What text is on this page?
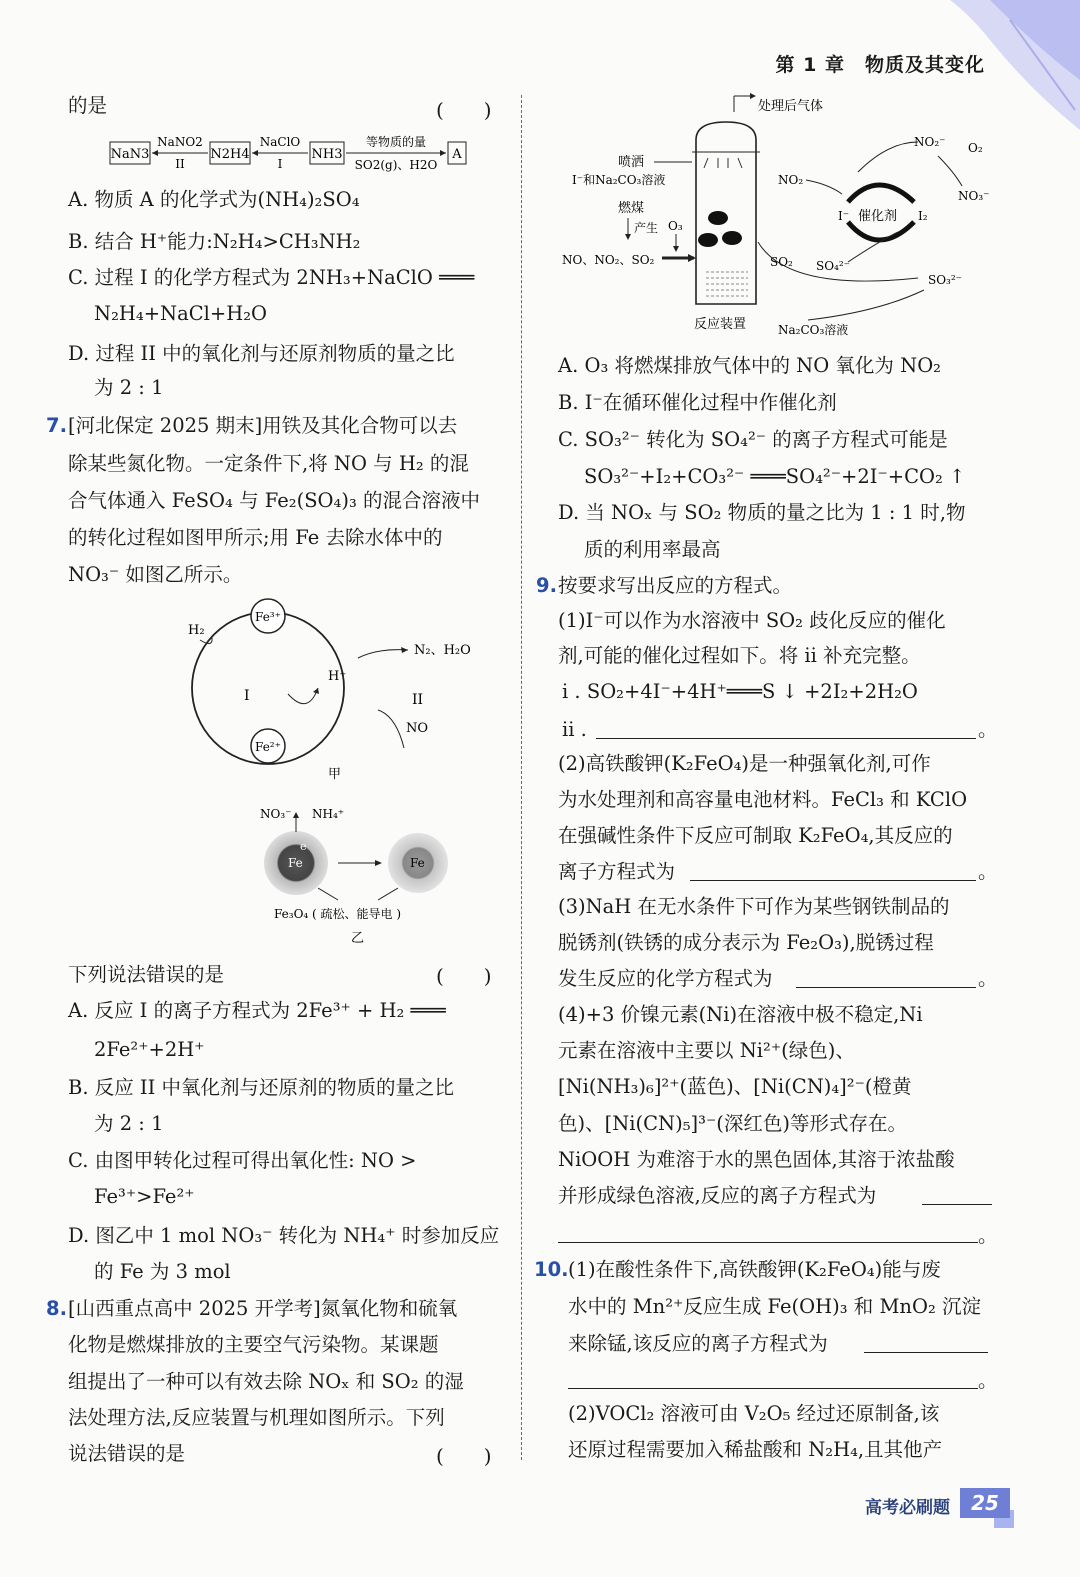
第 1 章　物质及其变化
的是	(　　)
NaN3
NaNO2
II
N2H4
NaClO
I
NH3
等物质的量
SO2(g)、H2O
A
A. 物质 A 的化学式为(NH₄)₂SO₄
B. 结合 H⁺能力:N₂H₄>CH₃NH₂
C. 过程 I 的化学方程式为 2NH₃+NaClO ═══
N₂H₄+NaCl+H₂O
D. 过程 II 中的氧化剂与还原剂物质的量之比
为 2 : 1
7. [河北保定 2025 期末]用铁及其化合物可以去
除某些氮化物。一定条件下,将 NO 与 H₂ 的混
合气体通入 FeSO₄ 与 Fe₂(SO₄)₃ 的混合溶液中
的转化过程如图甲所示;用 Fe 去除水体中的
NO₃⁻ 如图乙所示。
Fe³⁺
Fe²⁺
H₂
H⁺
N₂、H₂O
I	II
NO
甲
Fe	Fe
NO₃⁻ NH₄⁺
e
Fe₃O₄ ( 疏松、能导电 )
乙
下列说法错误的是	(　　)
A. 反应 I 的离子方程式为 2Fe³⁺ + H₂ ═══
2Fe²⁺+2H⁺
B. 反应 II 中氧化剂与还原剂的物质的量之比
为 2 : 1
C. 由图甲转化过程可得出氧化性: NO >
Fe³⁺>Fe²⁺
D. 图乙中 1 mol NO₃⁻ 转化为 NH₄⁺ 时参加反应
的 Fe 为 3 mol
8. [山西重点高中 2025 开学考]氮氧化物和硫氧
化物是燃煤排放的主要空气污染物。某课题
组提出了一种可以有效去除 NOₓ 和 SO₂ 的湿
法处理方法,反应装置与机理如图所示。下列
说法错误的是	(　　)
处理后气体
喷洒
I⁻和Na₂CO₃溶液
燃煤
产生 O₃
NO、NO₂、SO₂
反应装置
NO₂⁻ O₂
NO₃⁻
NO₂
I⁻ 催化剂 I₂
SO₂ SO₄²⁻
SO₃²⁻
Na₂CO₃溶液
A. O₃ 将燃煤排放气体中的 NO 氧化为 NO₂
B. I⁻在循环催化过程中作催化剂
C. SO₃²⁻ 转化为 SO₄²⁻ 的离子方程式可能是
SO₃²⁻+I₂+CO₃²⁻ ═══SO₄²⁻+2I⁻+CO₂ ↑
D. 当 NOₓ 与 SO₂ 物质的量之比为 1 : 1 时,物
质的利用率最高
9. 按要求写出反应的方程式。
(1)I⁻可以作为水溶液中 SO₂ 歧化反应的催化
剂,可能的催化过程如下。将 ii 补充完整。
i . SO₂+4I⁻+4H⁺═══S ↓ +2I₂+2H₂O
ii .	。
(2)高铁酸钾(K₂FeO₄)是一种强氧化剂,可作
为水处理剂和高容量电池材料。FeCl₃ 和 KClO
在强碱性条件下反应可制取 K₂FeO₄,其反应的
离子方程式为	。
(3)NaH 在无水条件下可作为某些钢铁制品的
脱锈剂(铁锈的成分表示为 Fe₂O₃),脱锈过程
发生反应的化学方程式为	。
(4)+3 价镍元素(Ni)在溶液中极不稳定,Ni
元素在溶液中主要以 Ni²⁺(绿色)、
[Ni(NH₃)₆]²⁺(蓝色)、[Ni(CN)₄]²⁻(橙黄
色)、[Ni(CN)₅]³⁻(深红色)等形式存在。
NiOOH 为难溶于水的黑色固体,其溶于浓盐酸
并形成绿色溶液,反应的离子方程式为
。
10. (1)在酸性条件下,高铁酸钾(K₂FeO₄)能与废
水中的 Mn²⁺反应生成 Fe(OH)₃ 和 MnO₂ 沉淀
来除锰,该反应的离子方程式为
。
(2)VOCl₂ 溶液可由 V₂O₅ 经过还原制备,该
还原过程需要加入稀盐酸和 N₂H₄,且其他产
高考必刷题	25
